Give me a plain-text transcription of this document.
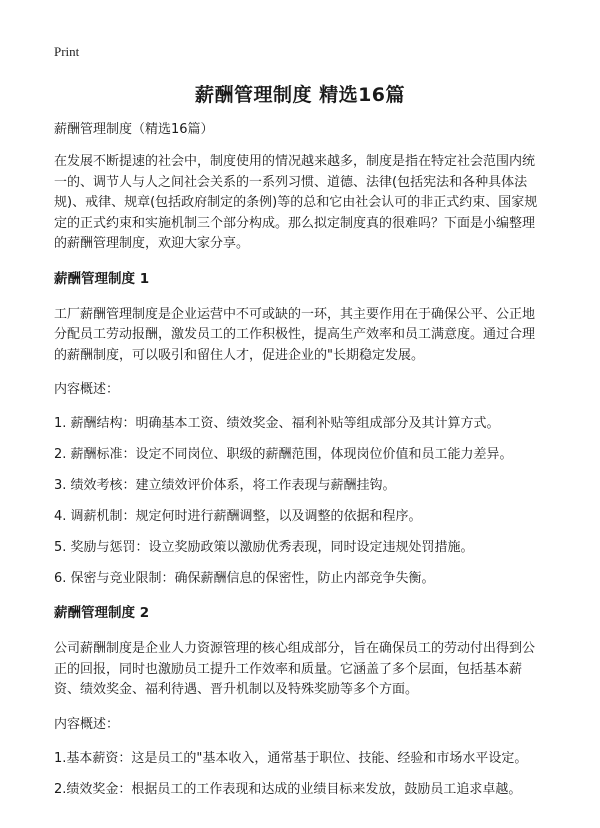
Print
薪酬管理制度 精选16篇
薪酬管理制度（精选16篇）
在发展不断提速的社会中，制度使用的情况越来越多，制度是指在特定社会范围内统一的、调节人与人之间社会关系的一系列习惯、道德、法律(包括宪法和各种具体法规)、戒律、规章(包括政府制定的条例)等的总和它由社会认可的非正式约束、国家规定的正式约束和实施机制三个部分构成。那么拟定制度真的很难吗？下面是小编整理的薪酬管理制度，欢迎大家分享。
薪酬管理制度 1
工厂薪酬管理制度是企业运营中不可或缺的一环，其主要作用在于确保公平、公正地分配员工劳动报酬，激发员工的工作积极性，提高生产效率和员工满意度。通过合理的薪酬制度，可以吸引和留住人才，促进企业的"长期稳定发展。
内容概述：
1. 薪酬结构：明确基本工资、绩效奖金、福利补贴等组成部分及其计算方式。
2. 薪酬标准：设定不同岗位、职级的薪酬范围，体现岗位价值和员工能力差异。
3. 绩效考核：建立绩效评价体系，将工作表现与薪酬挂钩。
4. 调薪机制：规定何时进行薪酬调整，以及调整的依据和程序。
5. 奖励与惩罚：设立奖励政策以激励优秀表现，同时设定违规处罚措施。
6. 保密与竞业限制：确保薪酬信息的保密性，防止内部竞争失衡。
薪酬管理制度 2
公司薪酬制度是企业人力资源管理的核心组成部分，旨在确保员工的劳动付出得到公正的回报，同时也激励员工提升工作效率和质量。它涵盖了多个层面，包括基本薪资、绩效奖金、福利待遇、晋升机制以及特殊奖励等多个方面。
内容概述：
1.基本薪资：这是员工的"基本收入，通常基于职位、技能、经验和市场水平设定。
2.绩效奖金：根据员工的工作表现和达成的业绩目标来发放，鼓励员工追求卓越。
